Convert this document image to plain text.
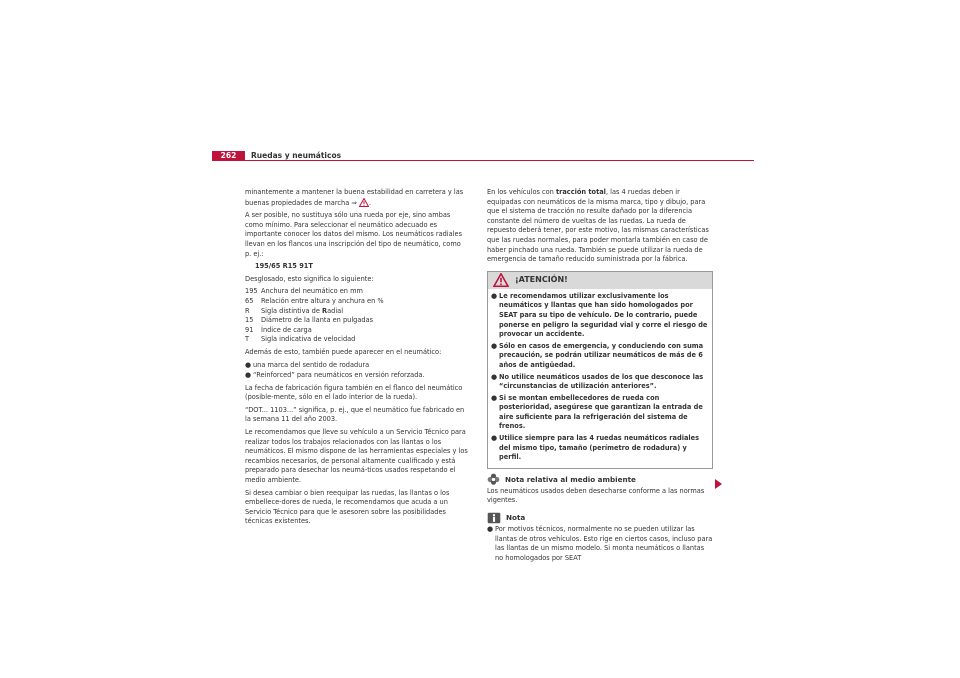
262	Ruedas y neumáticos

minantemente a mantener la buena estabilidad en carretera y las buenas propiedades de marcha ⇒ .

A ser posible, no sustituya sólo una rueda por eje, sino ambas como mínimo. Para seleccionar el neumático adecuado es importante conocer los datos del mismo. Los neumáticos radiales llevan en los flancos una inscripción del tipo de neumático, como p. ej.:

195/65 R15 91T

Desglosado, esto significa lo siguiente:

195 Anchura del neumático en mm
65	Relación entre altura y anchura en %
R	Sigla distintiva de Radial
15	Diámetro de la llanta en pulgadas
91	Índice de carga
T	Sigla indicativa de velocidad

Además de esto, también puede aparecer en el neumático:

● una marca del sentido de rodadura
● “Reinforced” para neumáticos en versión reforzada.

La fecha de fabricación figura también en el flanco del neumático (posible-mente, sólo en el lado interior de la rueda).

“DOT... 1103...” significa, p. ej., que el neumático fue fabricado en la semana 11 del año 2003.

Le recomendamos que lleve su vehículo a un Servicio Técnico para realizar todos los trabajos relacionados con las llantas o los neumáticos. El mismo dispone de las herramientas especiales y los recambios necesarios, de personal altamente cualificado y está preparado para desechar los neumá-ticos usados respetando el medio ambiente.

Si desea cambiar o bien reequipar las ruedas, las llantas o los embellece-dores de rueda, le recomendamos que acuda a un Servicio Técnico para que le asesoren sobre las posibilidades técnicas existentes.

En los vehículos con tracción total, las 4 ruedas deben ir equipadas con neumáticos de la misma marca, tipo y dibujo, para que el sistema de tracción no resulte dañado por la diferencia constante del número de vueltas de las ruedas. La rueda de repuesto deberá tener, por este motivo, las mismas características que las ruedas normales, para poder montarla también en caso de haber pinchado una rueda. También se puede utilizar la rueda de emergencia de tamaño reducido suministrada por la fábrica.

¡ATENCIÓN!
● Le recomendamos utilizar exclusivamente los neumáticos y llantas que han sido homologados por SEAT para su tipo de vehículo. De lo contrario, puede ponerse en peligro la seguridad vial y corre el riesgo de provocar un accidente.
● Sólo en casos de emergencia, y conduciendo con suma precaución, se podrán utilizar neumáticos de más de 6 años de antigüedad.
● No utilice neumáticos usados de los que desconoce las “circunstancias de utilización anteriores”.
● Si se montan embellecedores de rueda con posterioridad, asegúrese que garantizan la entrada de aire suficiente para la refrigeración del sistema de frenos.
● Utilice siempre para las 4 ruedas neumáticos radiales del mismo tipo, tamaño (perímetro de rodadura) y perfil.
Nota relativa al medio ambiente

Los neumáticos usados deben desecharse conforme a las normas vigentes.

Nota
● Por motivos técnicos, normalmente no se pueden utilizar las llantas de otros vehículos. Esto rige en ciertos casos, incluso para las llantas de un mismo modelo. Si monta neumáticos o llantas no homologados por SEAT
